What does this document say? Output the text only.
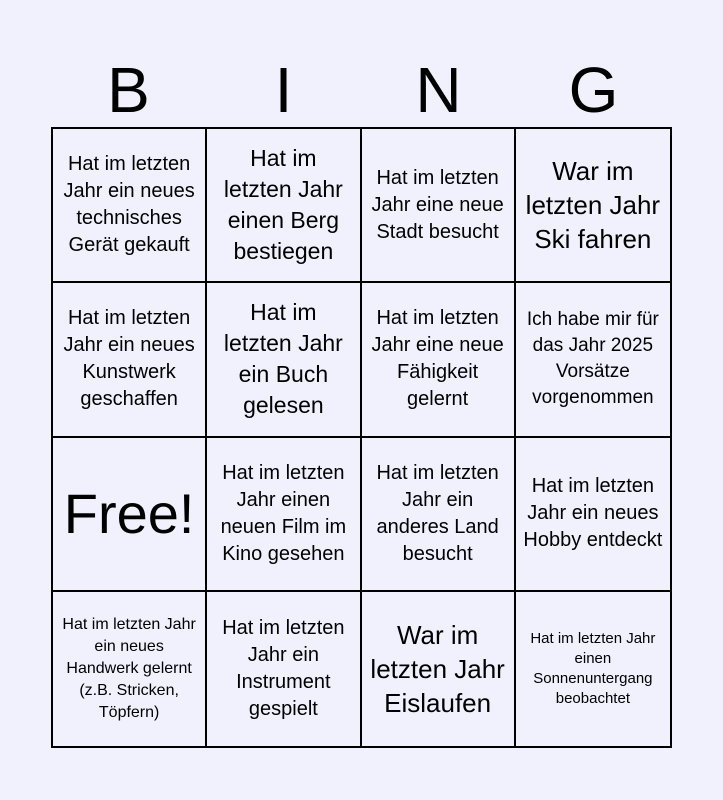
B	I	N	G
Hat im letzten Jahr ein neues technisches Gerät gekauft
Hat im letzten Jahr einen Berg bestiegen
Hat im letzten Jahr eine neue Stadt besucht
War im letzten Jahr Ski fahren
Hat im letzten Jahr ein neues Kunstwerk geschaffen
Hat im letzten Jahr ein Buch gelesen
Hat im letzten Jahr eine neue Fähigkeit gelernt
Ich habe mir für das Jahr 2025 Vorsätze vorgenommen
Free!
Hat im letzten Jahr einen neuen Film im Kino gesehen
Hat im letzten Jahr ein anderes Land besucht
Hat im letzten Jahr ein neues Hobby entdeckt
Hat im letzten Jahr ein neues Handwerk gelernt (z.B. Stricken, Töpfern)
Hat im letzten Jahr ein Instrument gespielt
War im letzten Jahr Eislaufen
Hat im letzten Jahr einen Sonnenuntergang beobachtet
